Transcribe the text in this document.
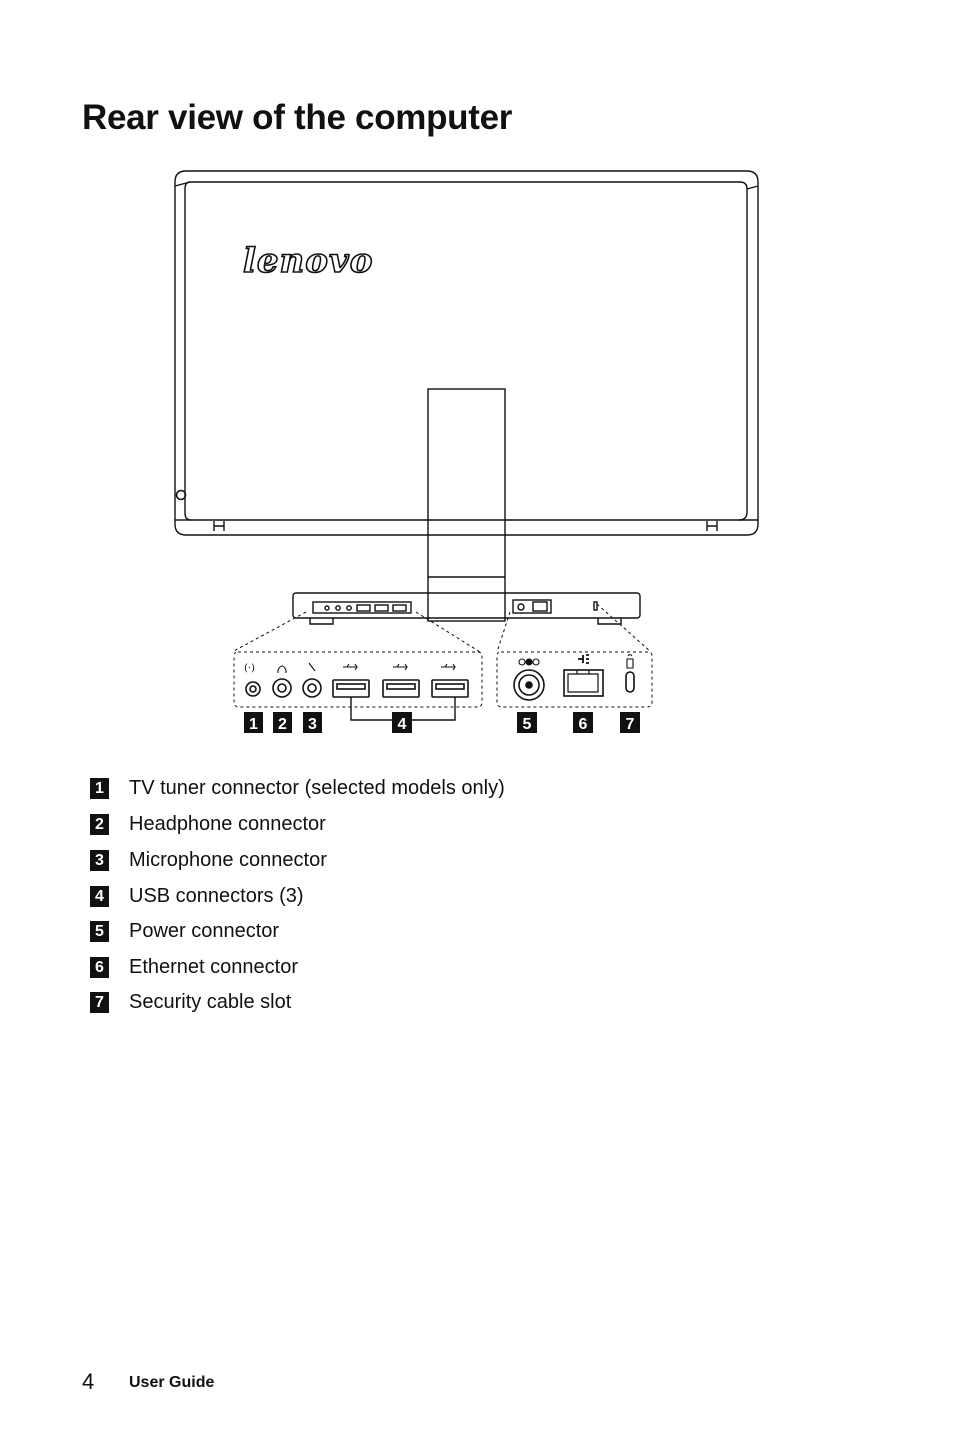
Rear view of the computer
lenovo
(·)
1 2 3	4	5	6 7
1 TV tuner connector (selected models only)
2 Headphone connector
3 Microphone connector
4 USB connectors (3)
5 Power connector
6 Ethernet connector
7 Security cable slot
4 User Guide
